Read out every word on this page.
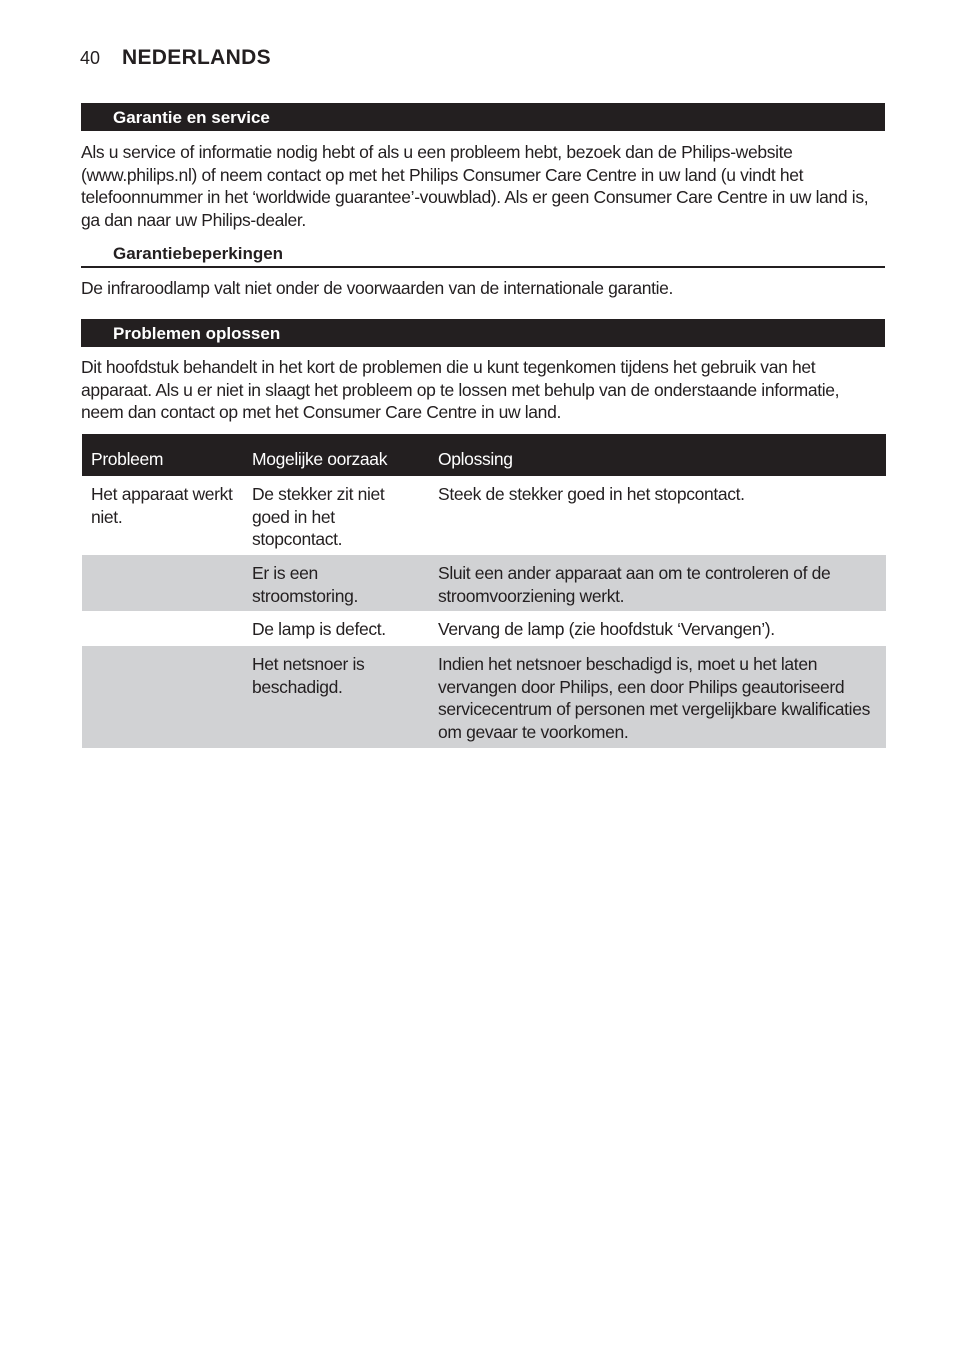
40 NEDERLANDS
Garantie en service

Als u service of informatie nodig hebt of als u een probleem hebt, bezoek dan de Philips-website (www.philips.nl) of neem contact op met het Philips Consumer Care Centre in uw land (u vindt het telefoonnummer in het ‘worldwide guarantee’-vouwblad). Als er geen Consumer Care Centre in uw land is, ga dan naar uw Philips-dealer.

Garantiebeperkingen

De infraroodlamp valt niet onder de voorwaarden van de internationale garantie.

Problemen oplossen

Dit hoofdstuk behandelt in het kort de problemen die u kunt tegenkomen tijdens het gebruik van het apparaat. Als u er niet in slaagt het probleem op te lossen met behulp van de onderstaande informatie, neem dan contact op met het Consumer Care Centre in uw land.

Probleem	Mogelijke oorzaak	Oplossing
Het apparaat werkt niet.	De stekker zit niet goed in het stopcontact.	Steek de stekker goed in het stopcontact.
	Er is een stroomstoring.	Sluit een ander apparaat aan om te controleren of de stroomvoorziening werkt.
	De lamp is defect.	Vervang de lamp (zie hoofdstuk ‘Vervangen’).
	Het netsnoer is beschadigd.	Indien het netsnoer beschadigd is, moet u het laten vervangen door Philips, een door Philips geautoriseerd servicecentrum of personen met vergelijkbare kwalificaties om gevaar te voorkomen.
